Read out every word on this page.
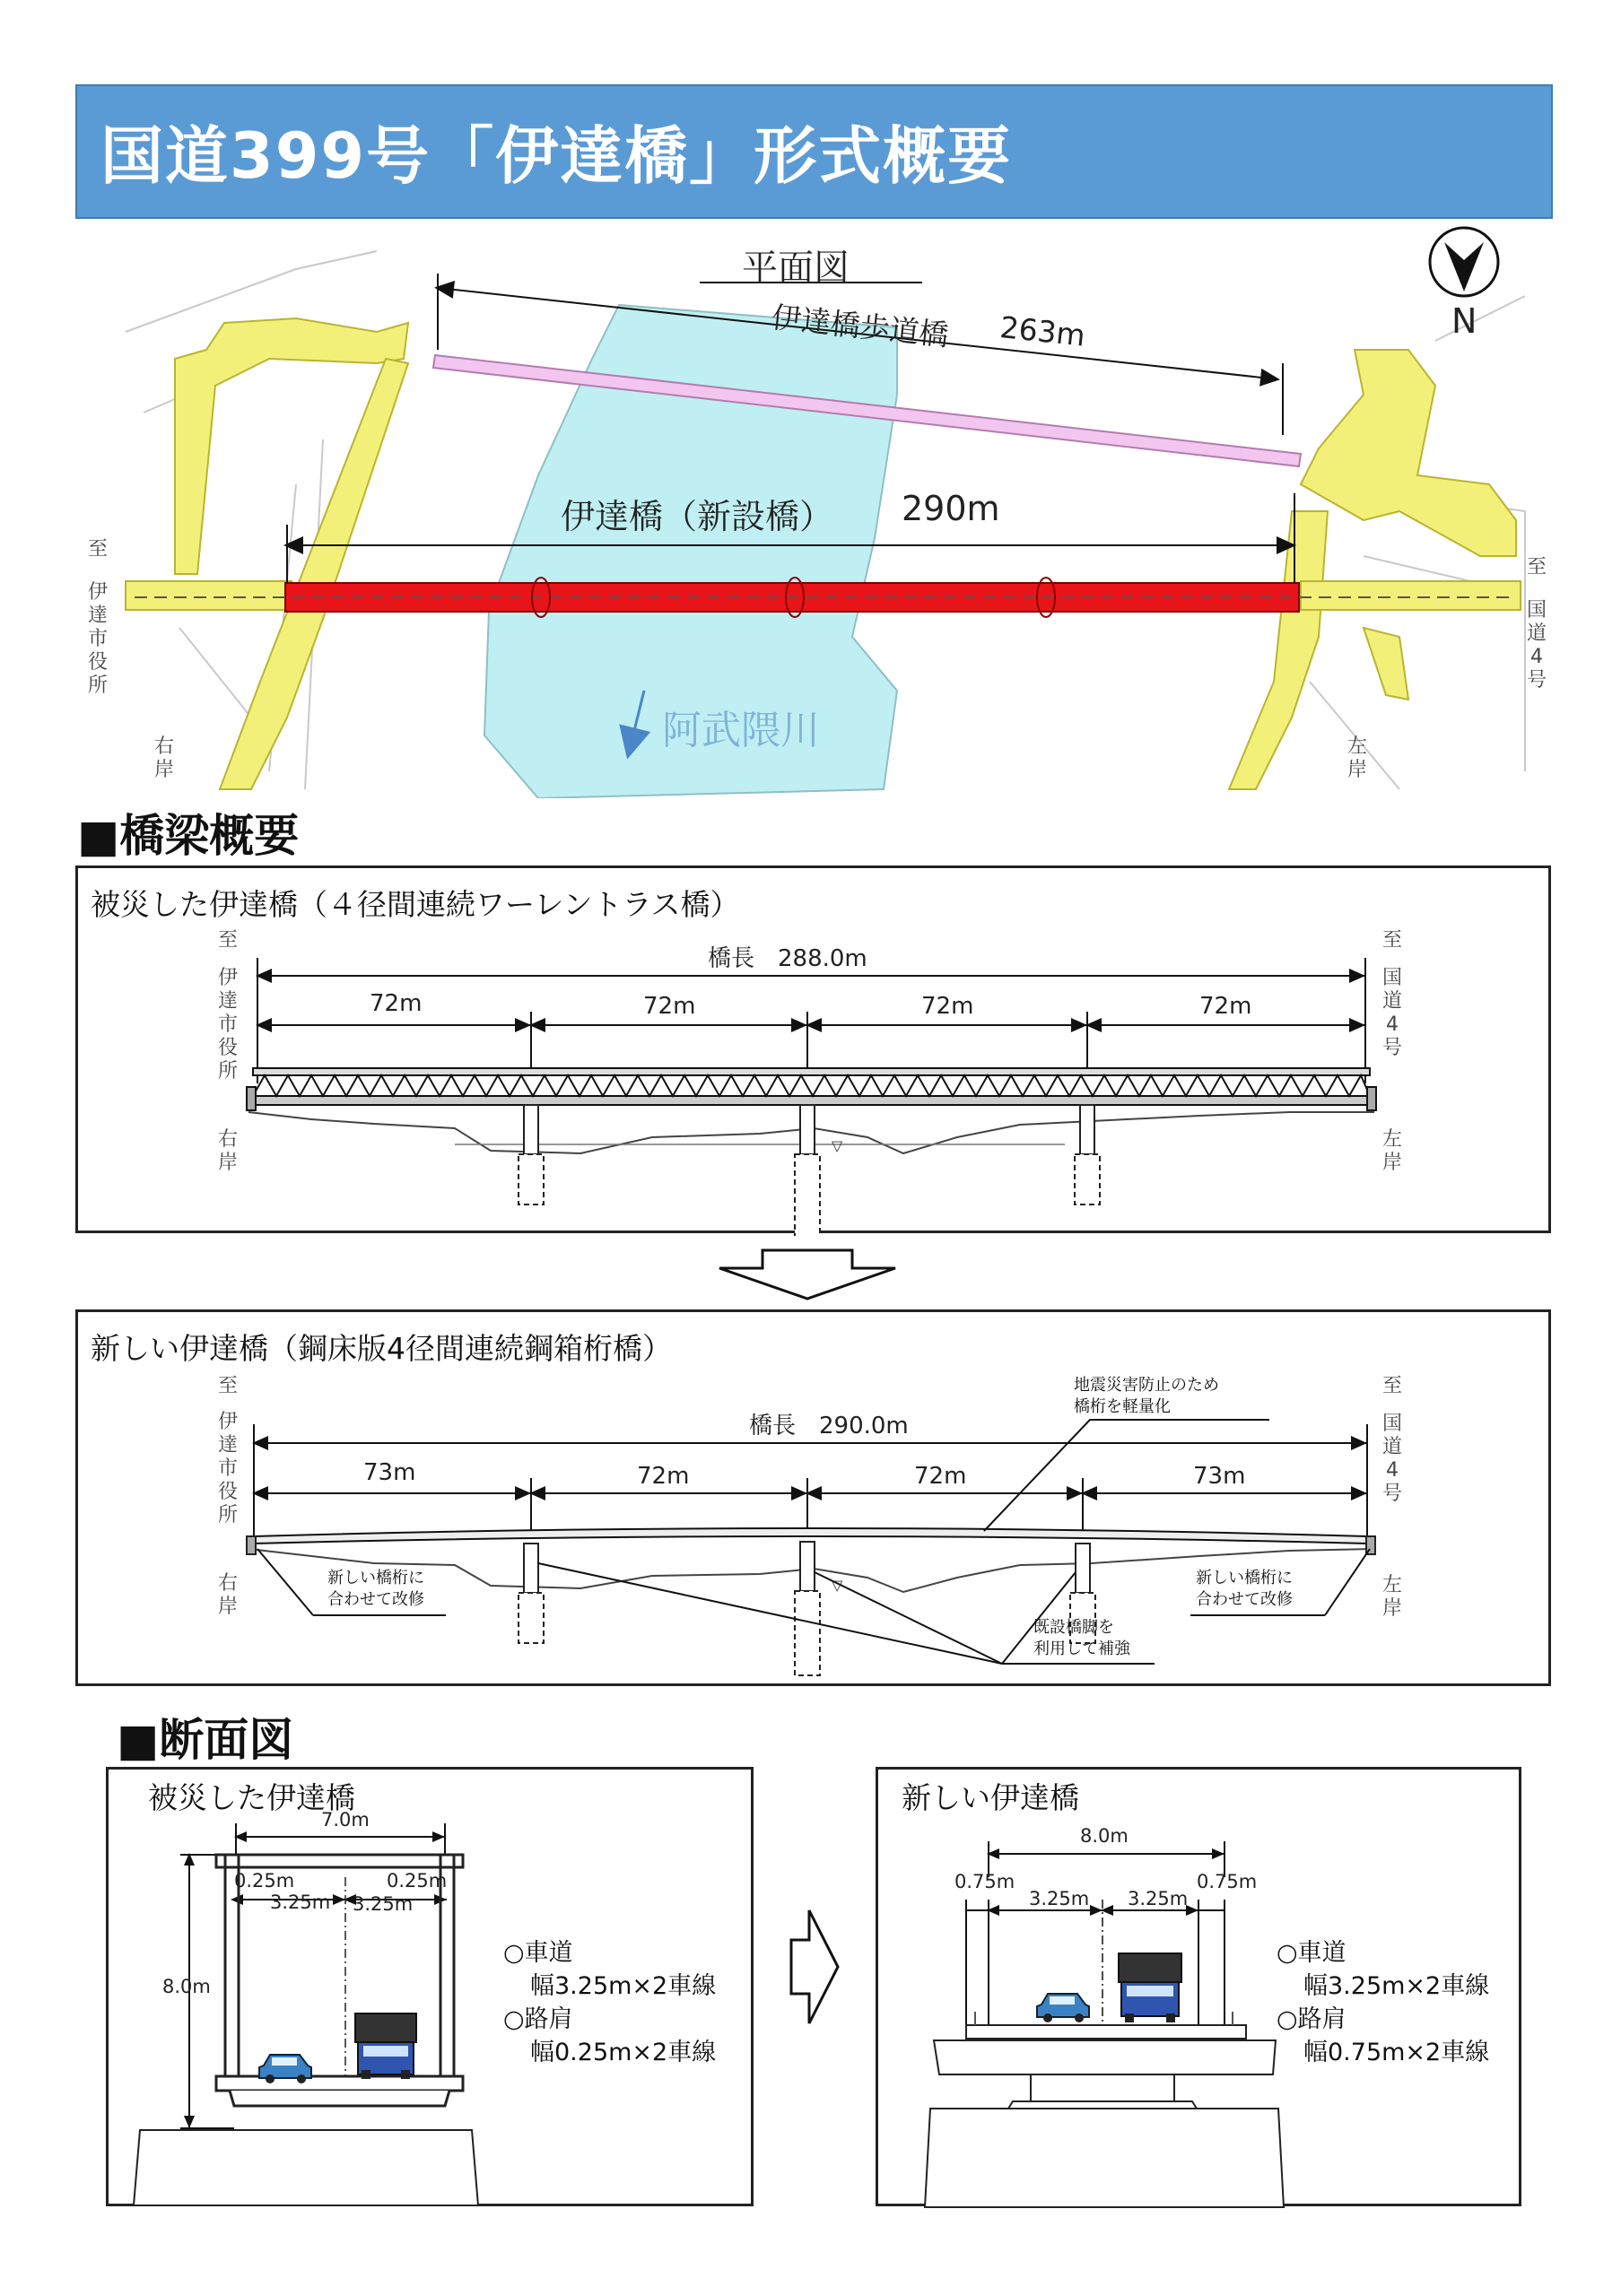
国道399号「伊達橋」形式概要
平面図
N
伊達橋歩道橋 263m
伊達橋（新設橋） 290m
阿武隈川
至
伊達市役所
右岸
至
国道4号
左岸
■橋梁概要
▽
被災した伊達橋（４径間連続ワーレントラス橋）
橋長　288.0m
72m	72m	72m	72m
至
伊達市役所
右岸
至
国道4号
左岸
▽
新しい伊達橋（鋼床版4径間連続鋼箱桁橋）
橋長　290.0m
73m	72m	72m	73m
地震災害防止のため
橋桁を軽量化
新しい橋桁に
合わせて改修
新しい橋桁に
合わせて改修
既設橋脚を
利用して補強
至
伊達市役所
右岸
至
国道4号
左岸
■断面図
被災した伊達橋
7.0m
8.0m
0.25m	0.25m
3.25m 3.25m
○車道
幅3.25m×2車線
○路肩
幅0.25m×2車線
新しい伊達橋
8.0m
0.75m	0.75m
3.25m 3.25m
○車道
幅3.25m×2車線
○路肩
幅0.75m×2車線
